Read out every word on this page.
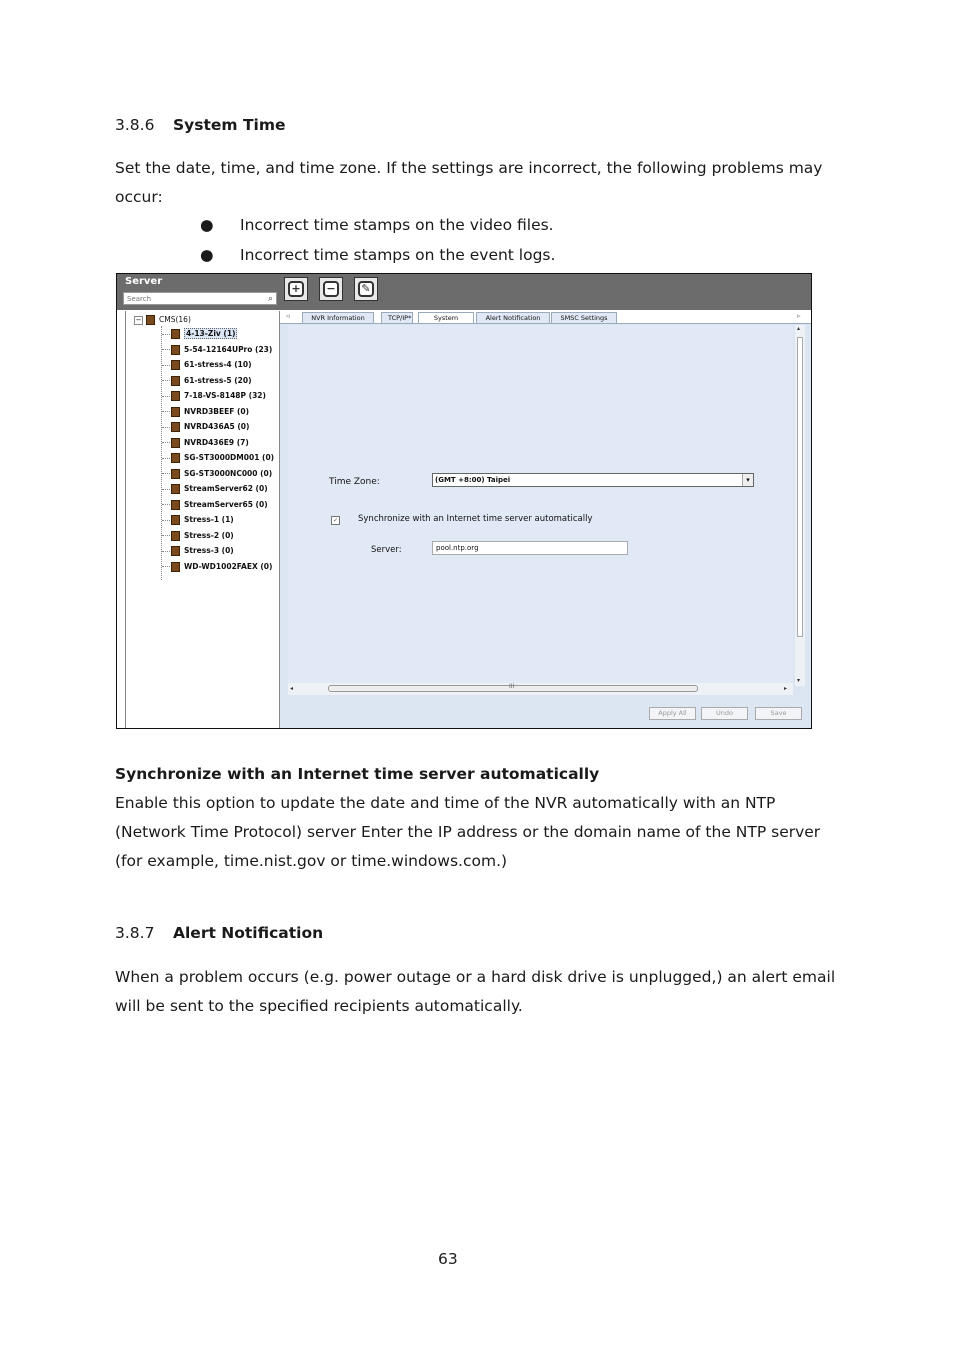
3.8.6 System Time

Set the date, time, and time zone. If the settings are incorrect, the following problems may occur:

● Incorrect time stamps on the video files.
● Incorrect time stamps on the event logs.
Server
Search	⌕
+	−	✎
− CMS(16)
4-13-Ziv (1)
5-54-12164UPro (23)
61-stress-4 (10)
61-stress-5 (20)
7-18-VS-8148P (32)
NVRD3BEEF (0)
NVRD436A5 (0)
NVRD436E9 (7)
SG-ST3000DM001 (0)
SG-ST3000NC000 (0)
StreamServer62 (0)
StreamServer65 (0)
Stress-1 (1)
Stress-2 (0)
Stress-3 (0)
WD-WD1002FAEX (0)
◃	NVR Information	TCP/IP*	System	Alert Notification	SMSC Settings	▹
Time Zone:	(GMT +8:00) Taipei	▾
✓ Synchronize with an Internet time server automatically
Server:	pool.ntp.org
▴
▾
◂	III	▸
Apply All	Undo	Save
Synchronize with an Internet time server automatically

Enable this option to update the date and time of the NVR automatically with an NTP (Network Time Protocol) server Enter the IP address or the domain name of the NTP server (for example, time.nist.gov or time.windows.com.)

3.8.7 Alert Notification

When a problem occurs (e.g. power outage or a hard disk drive is unplugged,) an alert email will be sent to the specified recipients automatically.

63
